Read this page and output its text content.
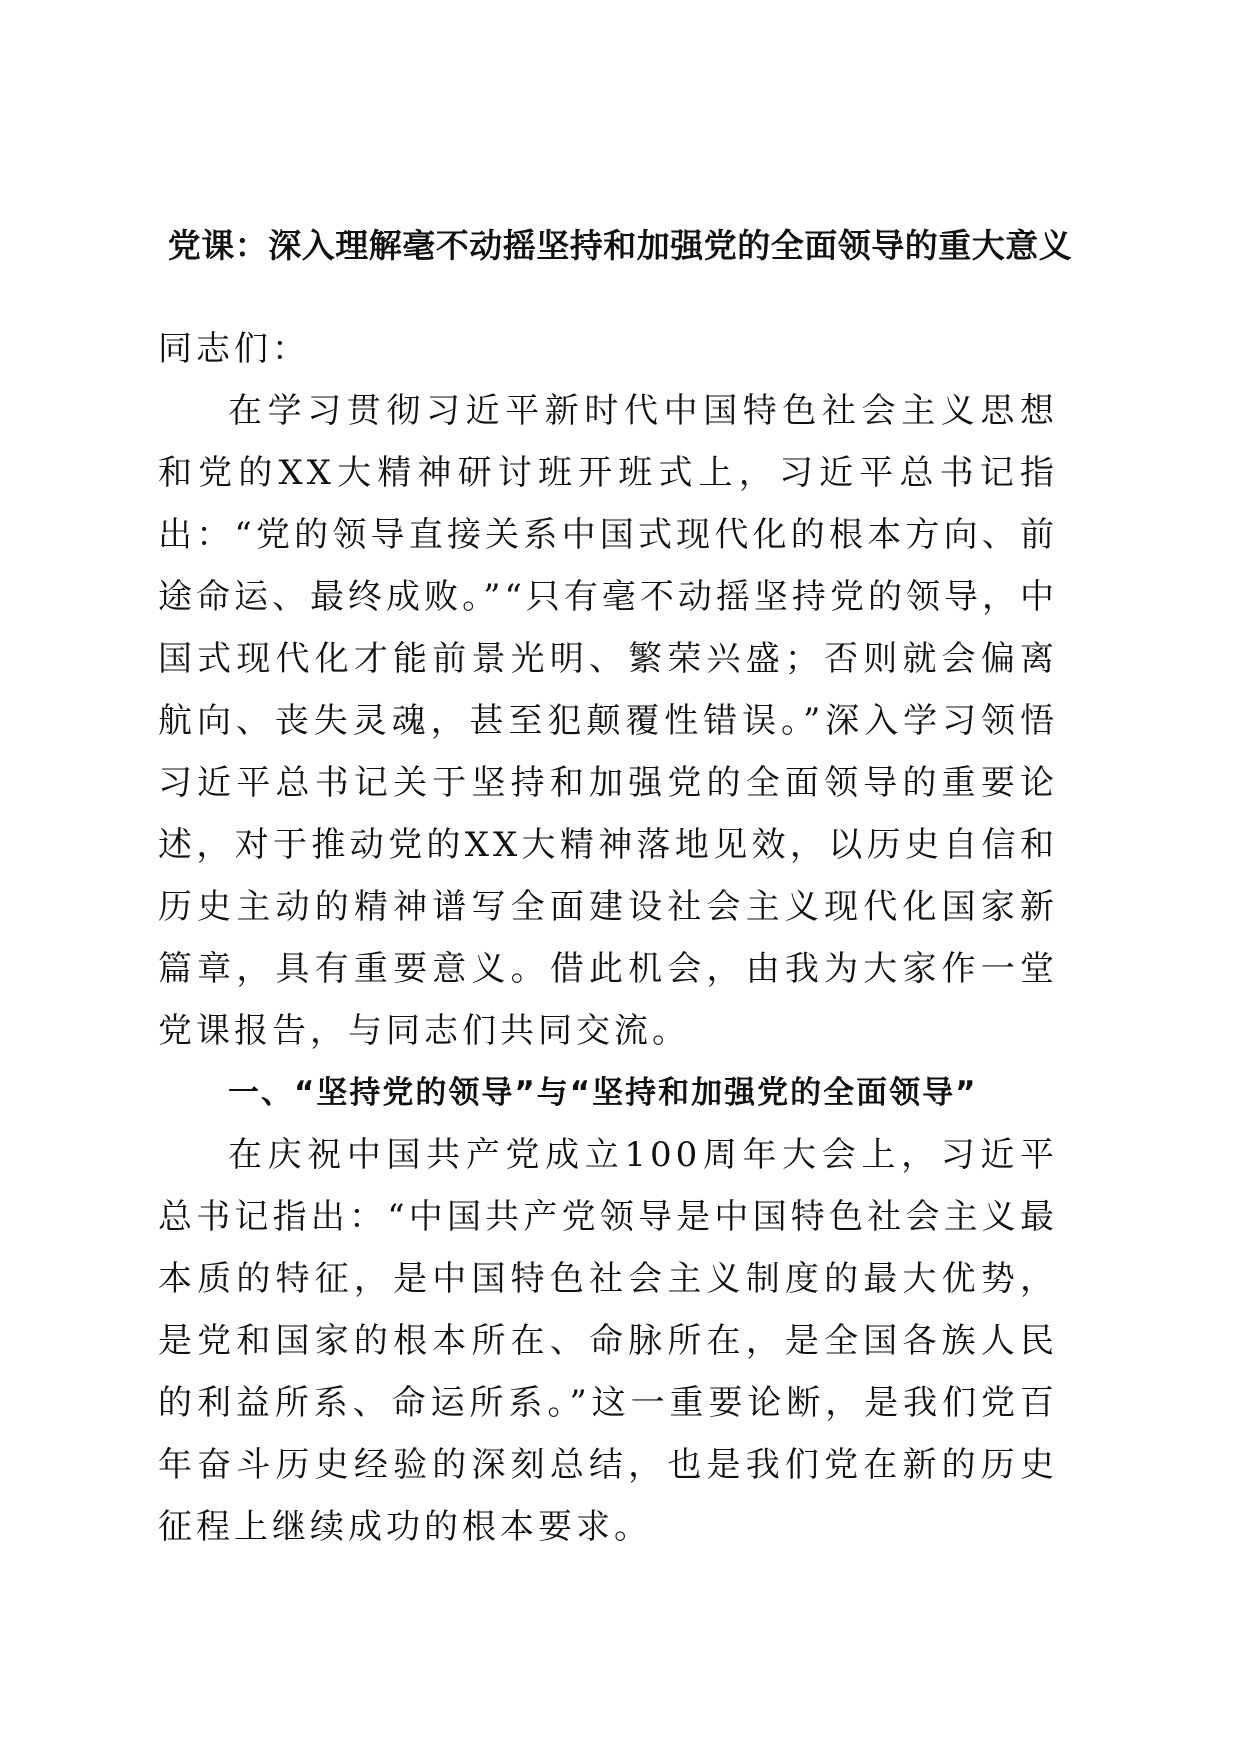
党课：深入理解毫不动摇坚持和加强党的全面领导的重大意义

同志们：

在学习贯彻习近平新时代中国特色社会主义思想和党的XX大精神研讨班开班式上，习近平总书记指出：“党的领导直接关系中国式现代化的根本方向、前途命运、最终成败。”“只有毫不动摇坚持党的领导，中国式现代化才能前景光明、繁荣兴盛；否则就会偏离航向、丧失灵魂，甚至犯颠覆性错误。”深入学习领悟习近平总书记关于坚持和加强党的全面领导的重要论述，对于推动党的XX大精神落地见效，以历史自信和历史主动的精神谱写全面建设社会主义现代化国家新篇章，具有重要意义。借此机会，由我为大家作一堂党课报告，与同志们共同交流。

一、“坚持党的领导”与“坚持和加强党的全面领导”

在庆祝中国共产党成立100周年大会上，习近平总书记指出：“中国共产党领导是中国特色社会主义最本质的特征，是中国特色社会主义制度的最大优势，是党和国家的根本所在、命脉所在，是全国各族人民的利益所系、命运所系。”这一重要论断，是我们党百年奋斗历史经验的深刻总结，也是我们党在新的历史征程上继续成功的根本要求。
